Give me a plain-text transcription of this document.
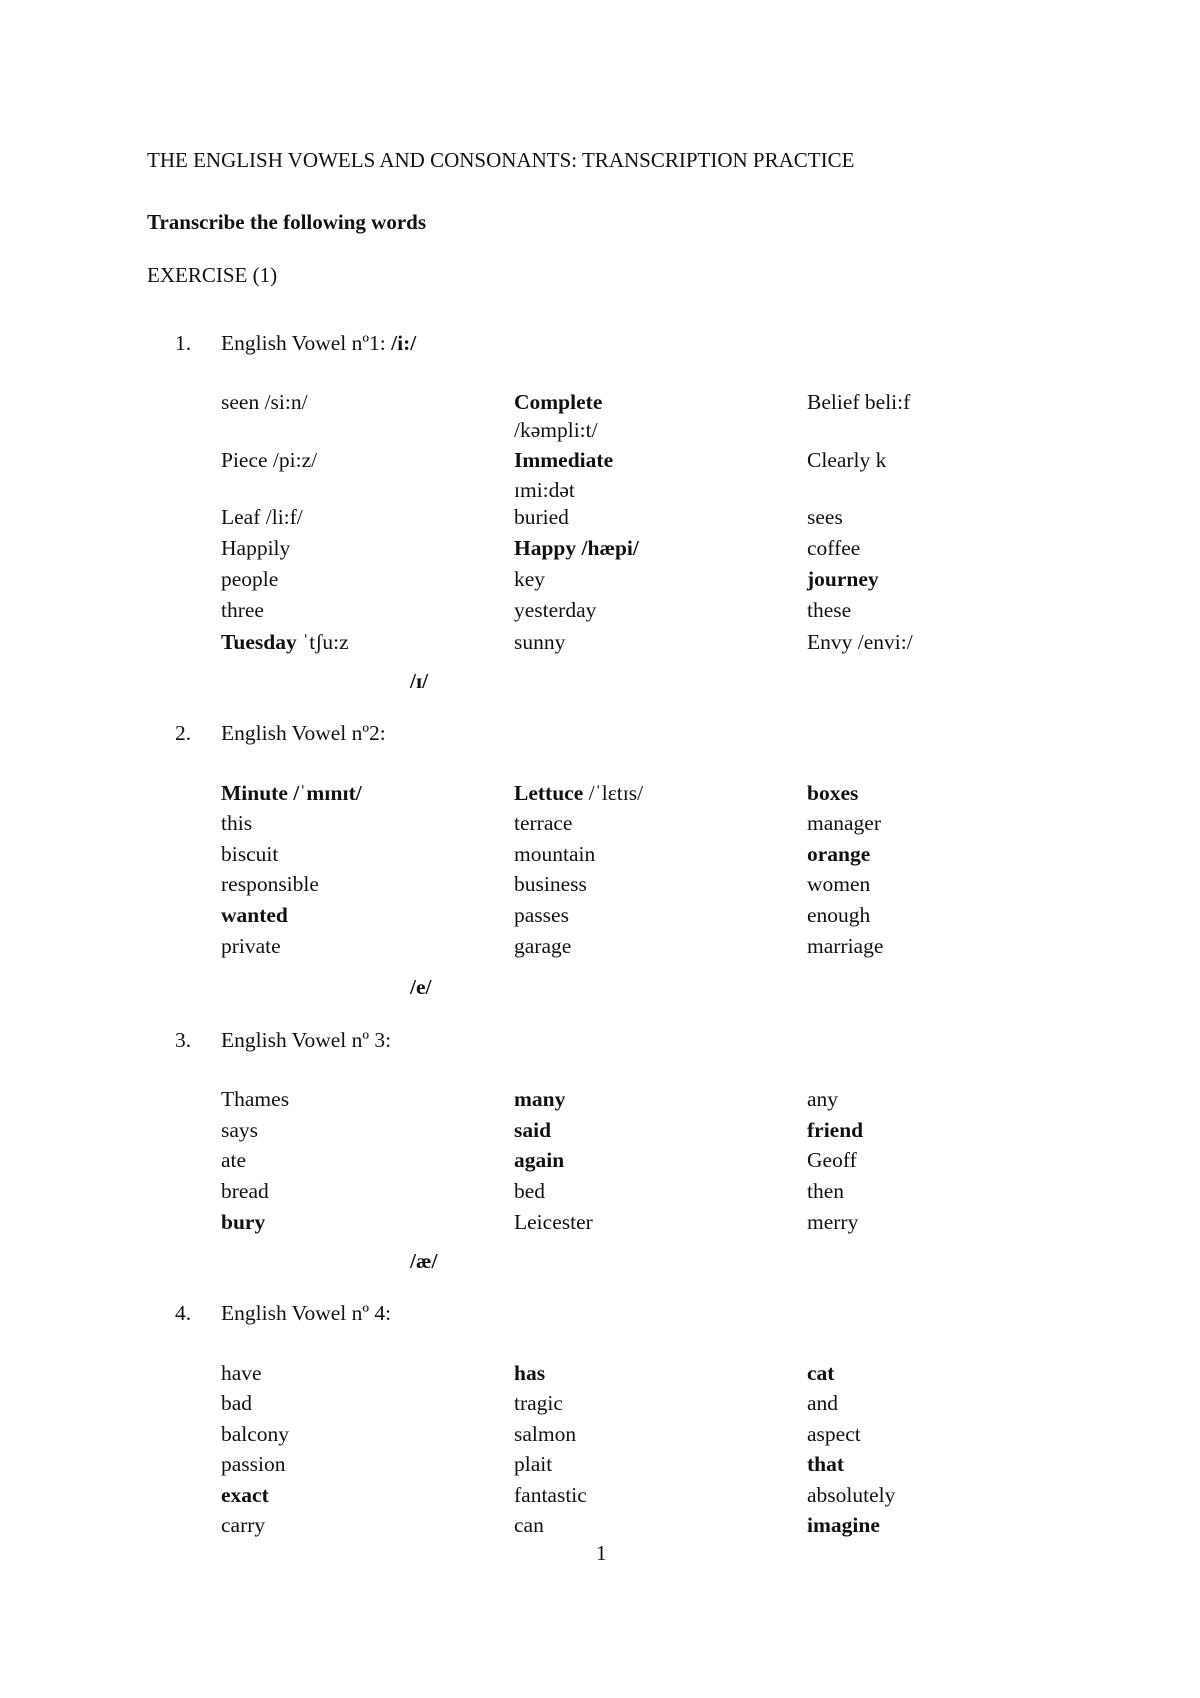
THE ENGLISH VOWELS AND CONSONANTS: TRANSCRIPTION PRACTICE
Transcribe the following words
EXERCISE (1)
1. English Vowel nº1: /i:/
seen /si:n/	Complete	Belief beli:f
/kəmpli:t/
Piece /pi:z/	Immediate	Clearly k
ɪmi:dət
Leaf /li:f/	buried	sees
Happily	Happy /hæpi/	coffee
people	key	journey
three	yesterday	these
Tuesday ˈtʃu:z	sunny	Envy /envi:/
/ɪ/
2. English Vowel nº2:
Minute /ˈmɪnɪt/	Lettuce /ˈlɛtɪs/	boxes
this	terrace	manager
biscuit	mountain	orange
responsible	business	women
wanted	passes	enough
private	garage	marriage
/e/
3. English Vowel nº 3:
Thames	many	any
says	said	friend
ate	again	Geoff
bread	bed	then
bury	Leicester	merry
/æ/
4. English Vowel nº 4:
have	has	cat
bad	tragic	and
balcony	salmon	aspect
passion	plait	that
exact	fantastic	absolutely
carry	can	imagine
1
